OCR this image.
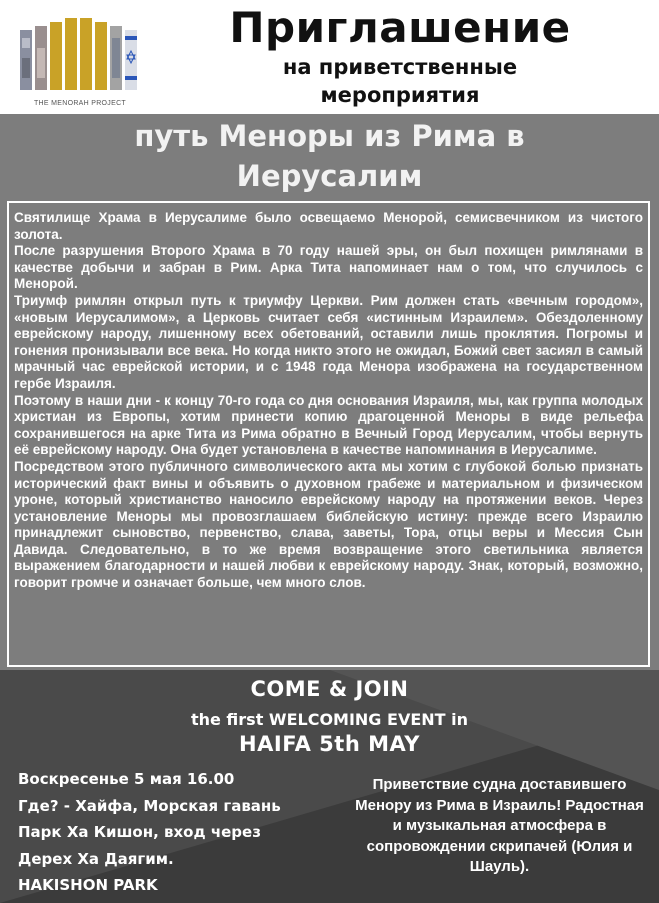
THE MENORAH PROJECT
Приглашение
на приветственные
мероприятия
путь Меноры из Рима в
Иерусалим

Святилище Храма в Иерусалиме было освещаемо Менорой, семисвечником из чистого золота.

После разрушения Второго Храма в 70 году нашей эры, он был похищен римлянами в качестве добычи и забран в Рим. Арка Тита напоминает нам о том, что случилось с Менорой.

Триумф римлян открыл путь к триумфу Церкви. Рим должен стать «вечным городом», «новым Иерусалимом», а Церковь считает себя «истинным Израилем». Обездоленному еврейскому народу, лишенному всех обетований, оставили лишь проклятия. Погромы и гонения пронизывали все века. Но когда никто этого не ожидал, Божий свет засиял в самый мрачный час еврейской истории, и с 1948 года Менора изображена на государственном гербе Израиля.

Поэтому в наши дни - к концу 70-го года со дня основания Израиля, мы, как группа молодых христиан из Европы, хотим принести копию драгоценной Меноры в виде рельефа сохранившегося на арке Тита из Рима обратно в Вечный Город Иерусалим, чтобы вернуть её еврейскому народу. Она будет установлена в качестве напоминания в Иерусалиме.

Посредством этого публичного символического акта мы хотим с глубокой болью признать исторический факт вины и объявить о духовном грабеже и материальном и физическом уроне, который христианство наносило еврейскому народу на протяжении веков. Через установление Меноры мы провозглашаем библейскую истину: прежде всего Израилю принадлежит сыновство, первенство, слава, заветы, Тора, отцы веры и Мессия Сын Давида. Следовательно, в то же время возвращение этого светильника является выражением благодарности и нашей любви к еврейскому народу. Знак, который, возможно, говорит громче и означает больше, чем много слов.

COME & JOIN
the first WELCOMING EVENT in
HAIFA 5th MAY
Воскресенье 5 мая 16.00
Где? - Хайфа, Морская гавань
Парк Ха Кишон, вход через
Дерех Ха Даягим.
HAKISHON PARK
Приветствие судна доставившего Менору из Рима в Израиль! Радостная и музыкальная атмосфера в сопровождении скрипачей (Юлия и Шауль).
